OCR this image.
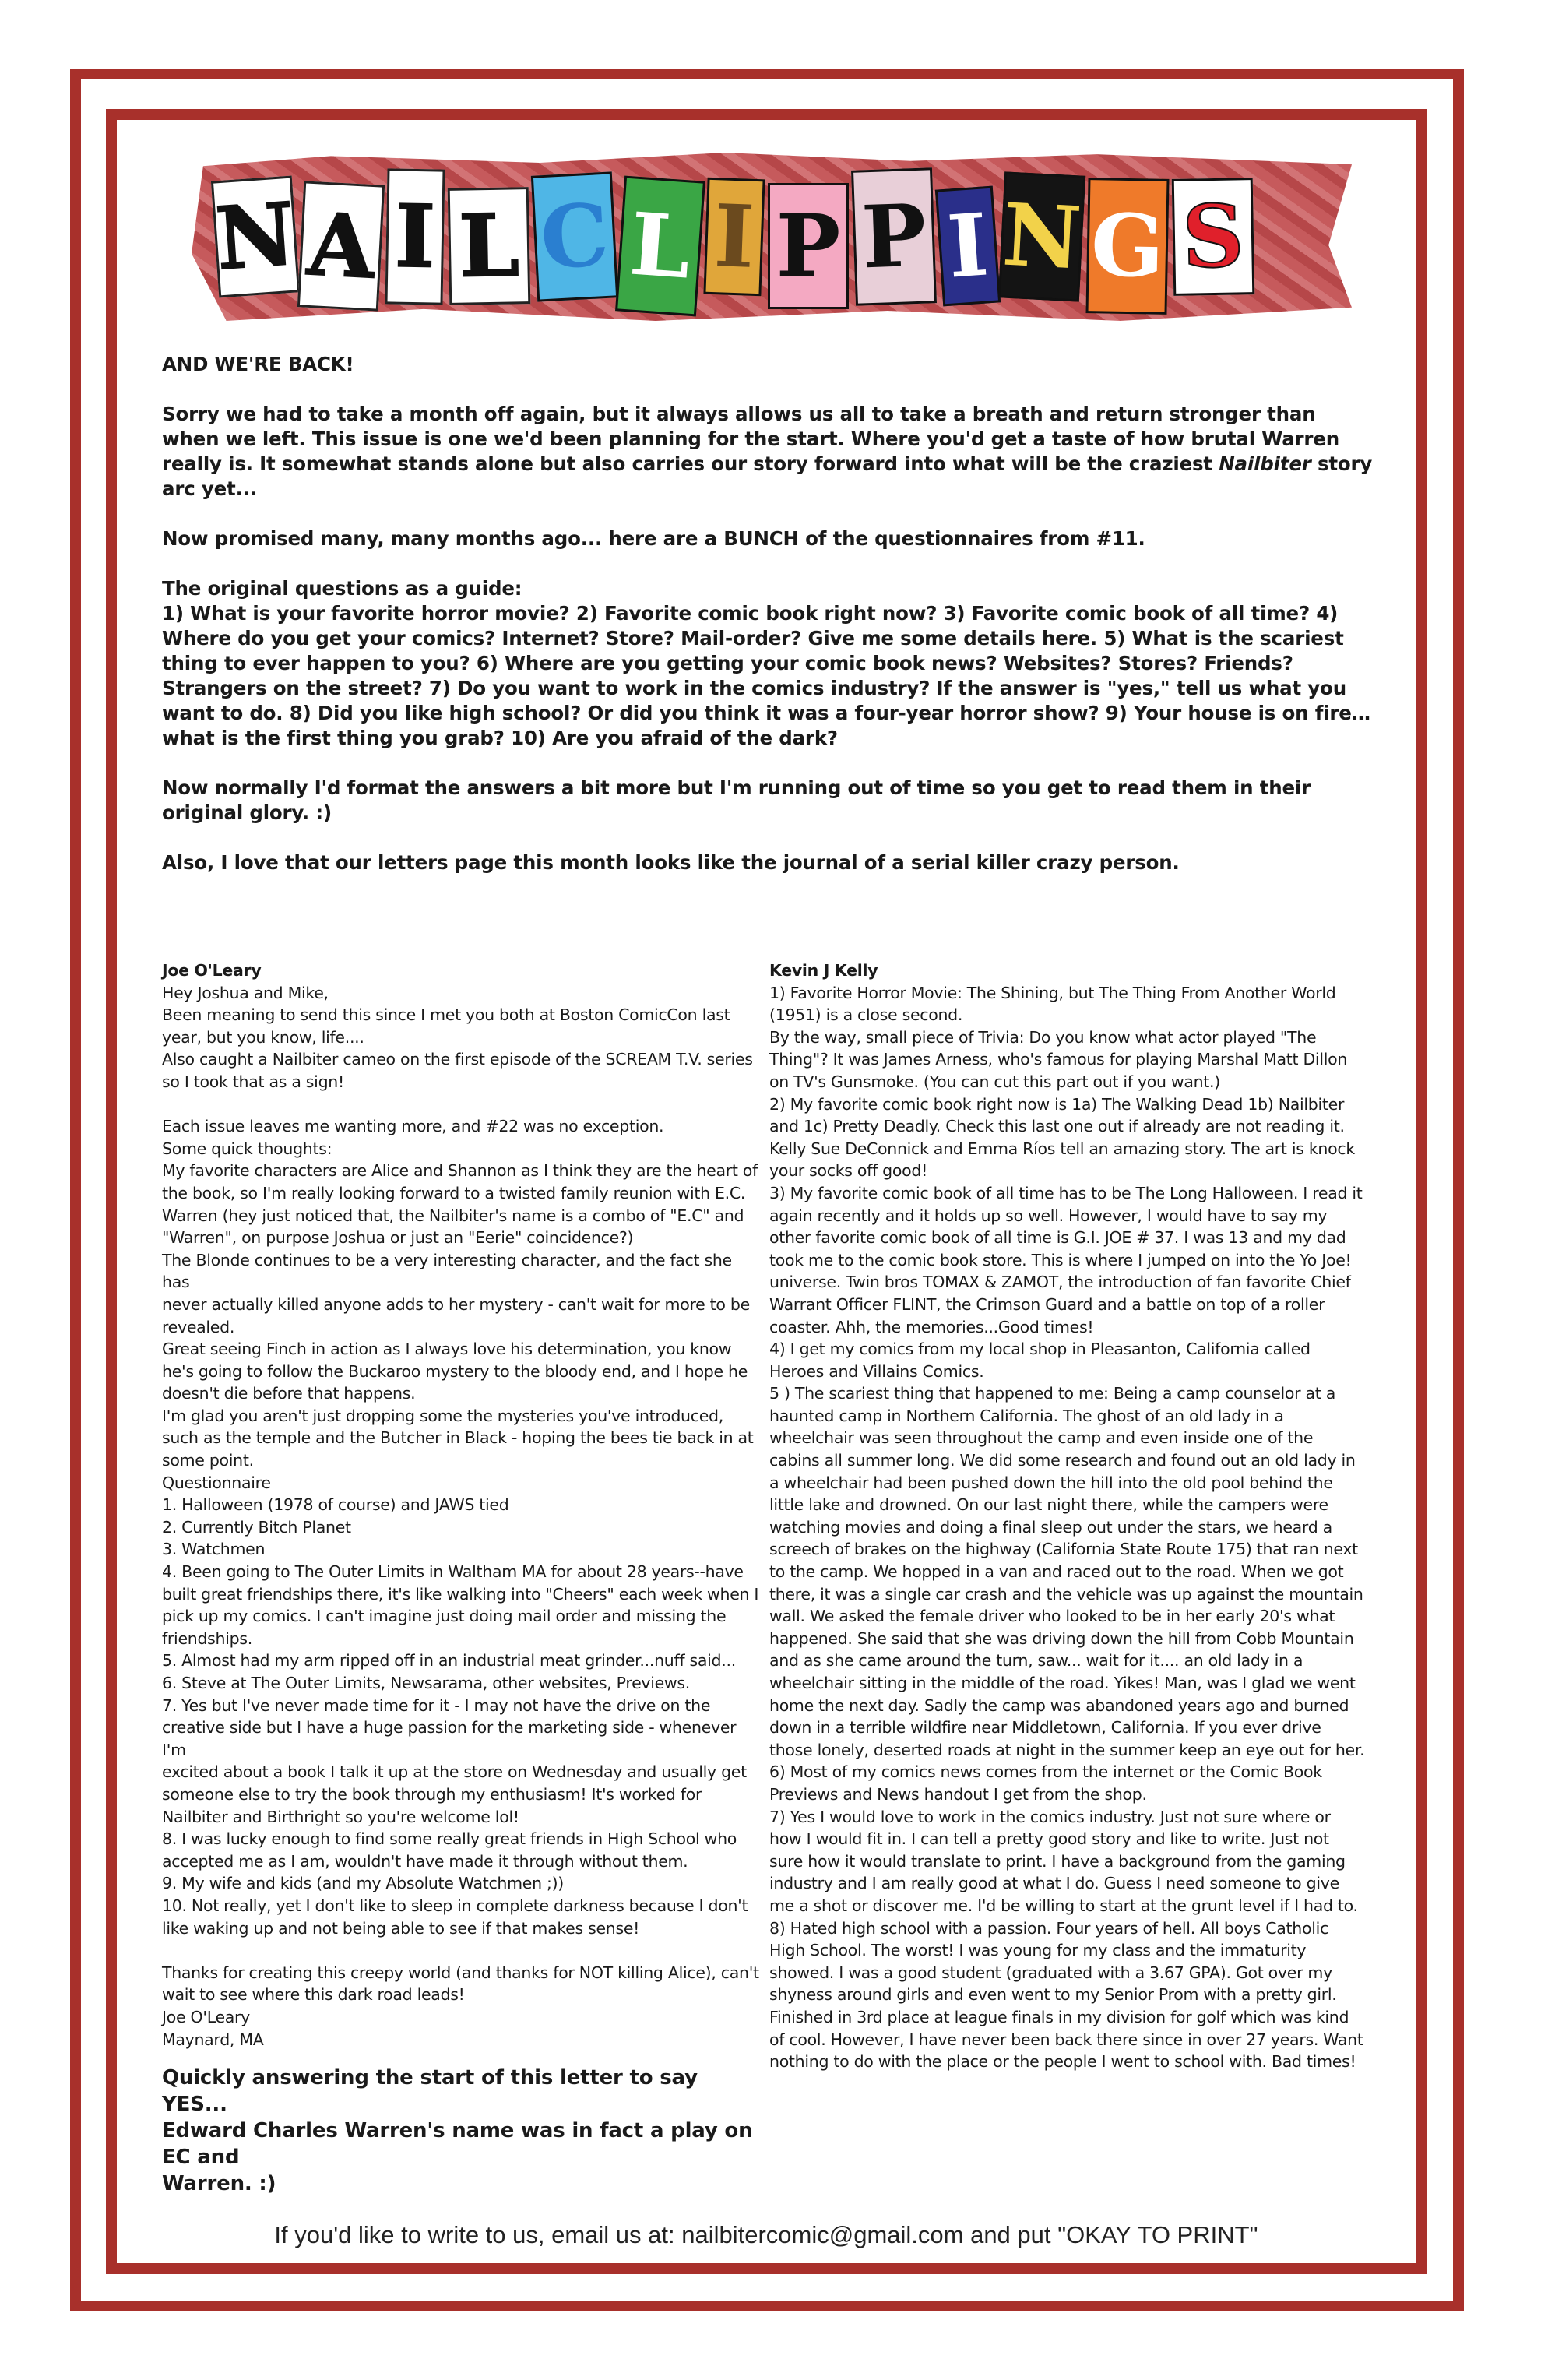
N A I L C L I P P I N G S

AND WE'RE BACK!

Sorry we had to take a month off again, but it always allows us all to take a breath and return stronger than when we left. This issue is one we'd been planning for the start. Where you'd get a taste of how brutal Warren really is. It somewhat stands alone but also carries our story forward into what will be the craziest Nailbiter story arc yet...

Now promised many, many months ago... here are a BUNCH of the questionnaires from #11.

The original questions as a guide:
1) What is your favorite horror movie? 2) Favorite comic book right now? 3) Favorite comic book of all time? 4) Where do you get your comics? Internet? Store? Mail-order? Give me some details here. 5) What is the scariest thing to ever happen to you? 6) Where are you getting your comic book news? Websites? Stores? Friends? Strangers on the street? 7) Do you want to work in the comics industry? If the answer is "yes," tell us what you want to do. 8) Did you like high school? Or did you think it was a four-year horror show? 9) Your house is on fire… what is the first thing you grab? 10) Are you afraid of the dark?

Now normally I'd format the answers a bit more but I'm running out of time so you get to read them in their original glory. :)

Also, I love that our letters page this month looks like the journal of a serial killer crazy person.

Joe O'Leary
Hey Joshua and Mike,
Been meaning to send this since I met you both at Boston ComicCon last
year, but you know, life....
Also caught a Nailbiter cameo on the first episode of the SCREAM T.V. series
so I took that as a sign!
Each issue leaves me wanting more, and #22 was no exception.
Some quick thoughts:
My favorite characters are Alice and Shannon as I think they are the heart of
the book, so I'm really looking forward to a twisted family reunion with E.C.
Warren (hey just noticed that, the Nailbiter's name is a combo of "E.C" and
"Warren", on purpose Joshua or just an "Eerie" coincidence?)
The Blonde continues to be a very interesting character, and the fact she has
never actually killed anyone adds to her mystery - can't wait for more to be
revealed.
Great seeing Finch in action as I always love his determination, you know
he's going to follow the Buckaroo mystery to the bloody end, and I hope he
doesn't die before that happens.
I'm glad you aren't just dropping some the mysteries you've introduced,
such as the temple and the Butcher in Black - hoping the bees tie back in at
some point.
Questionnaire
1. Halloween (1978 of course) and JAWS tied
2. Currently Bitch Planet
3. Watchmen
4. Been going to The Outer Limits in Waltham MA for about 28 years--have
built great friendships there, it's like walking into "Cheers" each week when I
pick up my comics. I can't imagine just doing mail order and missing the
friendships.
5. Almost had my arm ripped off in an industrial meat grinder...nuff said...
6. Steve at The Outer Limits, Newsarama, other websites, Previews.
7. Yes but I've never made time for it - I may not have the drive on the
creative side but I have a huge passion for the marketing side - whenever I'm
excited about a book I talk it up at the store on Wednesday and usually get
someone else to try the book through my enthusiasm! It's worked for
Nailbiter and Birthright so you're welcome lol!
8. I was lucky enough to find some really great friends in High School who
accepted me as I am, wouldn't have made it through without them.
9. My wife and kids (and my Absolute Watchmen ;))
10. Not really, yet I don't like to sleep in complete darkness because I don't
like waking up and not being able to see if that makes sense!
Thanks for creating this creepy world (and thanks for NOT killing Alice), can't
wait to see where this dark road leads!
Joe O'Leary
Maynard, MA
Quickly answering the start of this letter to say YES...
Edward Charles Warren's name was in fact a play on EC and
Warren. :)
Kevin J Kelly
1) Favorite Horror Movie: The Shining, but The Thing From Another World
(1951) is a close second.
By the way, small piece of Trivia: Do you know what actor played "The
Thing"? It was James Arness, who's famous for playing Marshal Matt Dillon
on TV's Gunsmoke. (You can cut this part out if you want.)
2) My favorite comic book right now is 1a) The Walking Dead 1b) Nailbiter
and 1c) Pretty Deadly. Check this last one out if already are not reading it.
Kelly Sue DeConnick and Emma Ríos tell an amazing story. The art is knock
your socks off good!
3) My favorite comic book of all time has to be The Long Halloween. I read it
again recently and it holds up so well. However, I would have to say my
other favorite comic book of all time is G.I. JOE # 37. I was 13 and my dad
took me to the comic book store. This is where I jumped on into the Yo Joe!
universe. Twin bros TOMAX & ZAMOT, the introduction of fan favorite Chief
Warrant Officer FLINT, the Crimson Guard and a battle on top of a roller
coaster. Ahh, the memories...Good times!
4) I get my comics from my local shop in Pleasanton, California called
Heroes and Villains Comics.
5 ) The scariest thing that happened to me: Being a camp counselor at a
haunted camp in Northern California. The ghost of an old lady in a
wheelchair was seen throughout the camp and even inside one of the
cabins all summer long. We did some research and found out an old lady in
a wheelchair had been pushed down the hill into the old pool behind the
little lake and drowned. On our last night there, while the campers were
watching movies and doing a final sleep out under the stars, we heard a
screech of brakes on the highway (California State Route 175) that ran next
to the camp. We hopped in a van and raced out to the road. When we got
there, it was a single car crash and the vehicle was up against the mountain
wall. We asked the female driver who looked to be in her early 20's what
happened. She said that she was driving down the hill from Cobb Mountain
and as she came around the turn, saw... wait for it.... an old lady in a
wheelchair sitting in the middle of the road. Yikes! Man, was I glad we went
home the next day. Sadly the camp was abandoned years ago and burned
down in a terrible wildfire near Middletown, California. If you ever drive
those lonely, deserted roads at night in the summer keep an eye out for her.
6) Most of my comics news comes from the internet or the Comic Book
Previews and News handout I get from the shop.
7) Yes I would love to work in the comics industry. Just not sure where or
how I would fit in. I can tell a pretty good story and like to write. Just not
sure how it would translate to print. I have a background from the gaming
industry and I am really good at what I do. Guess I need someone to give
me a shot or discover me. I'd be willing to start at the grunt level if I had to.
8) Hated high school with a passion. Four years of hell. All boys Catholic
High School. The worst! I was young for my class and the immaturity
showed. I was a good student (graduated with a 3.67 GPA). Got over my
shyness around girls and even went to my Senior Prom with a pretty girl.
Finished in 3rd place at league finals in my division for golf which was kind
of cool. However, I have never been back there since in over 27 years. Want
nothing to do with the place or the people I went to school with. Bad times!
If you'd like to write to us, email us at: nailbitercomic@gmail.com and put "OKAY TO PRINT"
